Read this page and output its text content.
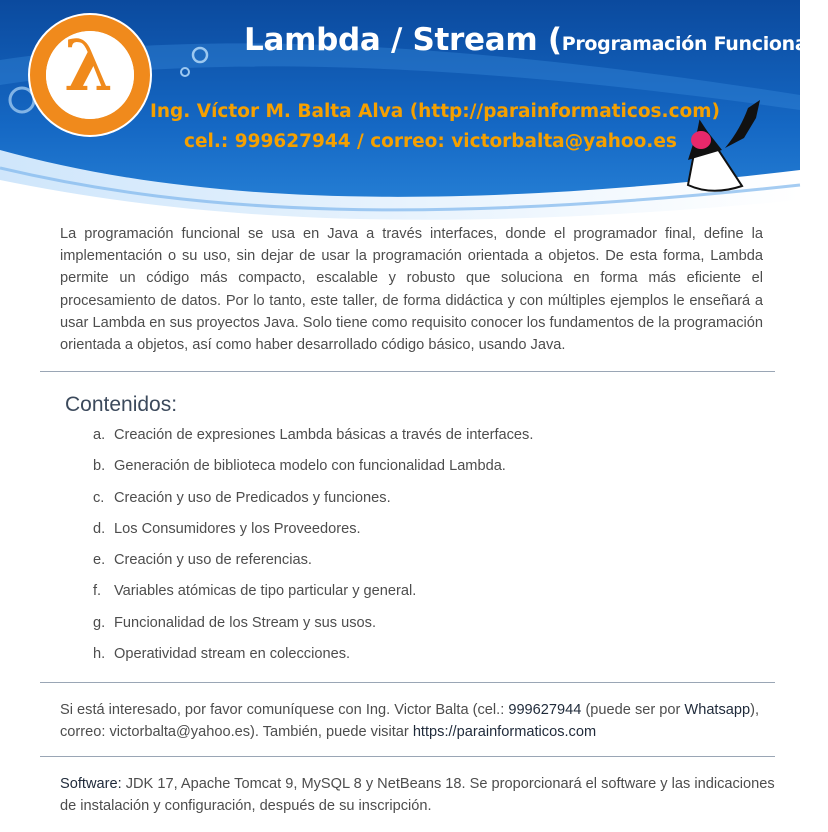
λ	Lambda / Stream (Programación Funcional)
Ing. Víctor M. Balta Alva (http://parainformaticos.com)
cel.: 999627944 / correo: victorbalta@yahoo.es
La programación funcional se usa en Java a través interfaces, donde el programador final, define la implementación o su uso, sin dejar de usar la programación orientada a objetos. De esta forma, Lambda permite un código más compacto, escalable y robusto que soluciona en forma más eficiente el procesamiento de datos. Por lo tanto, este taller, de forma didáctica y con múltiples ejemplos le enseñará a usar Lambda en sus proyectos Java. Solo tiene como requisito conocer los fundamentos de la programación orientada a objetos, así como haber desarrollado código básico, usando Java.
Contenidos:
a. Creación de expresiones Lambda básicas a través de interfaces.
b. Generación de biblioteca modelo con funcionalidad Lambda.
c. Creación y uso de Predicados y funciones.
d. Los Consumidores y los Proveedores.
e. Creación y uso de referencias.
f. Variables atómicas de tipo particular y general.
g. Funcionalidad de los Stream y sus usos.
h. Operatividad stream en colecciones.
Si está interesado, por favor comuníquese con Ing. Victor Balta (cel.: 999627944 (puede ser por Whatsapp), correo: victorbalta@yahoo.es). También, puede visitar https://parainformaticos.com
Software: JDK 17, Apache Tomcat 9, MySQL 8 y NetBeans 18. Se proporcionará el software y las indicaciones de instalación y configuración, después de su inscripción.
